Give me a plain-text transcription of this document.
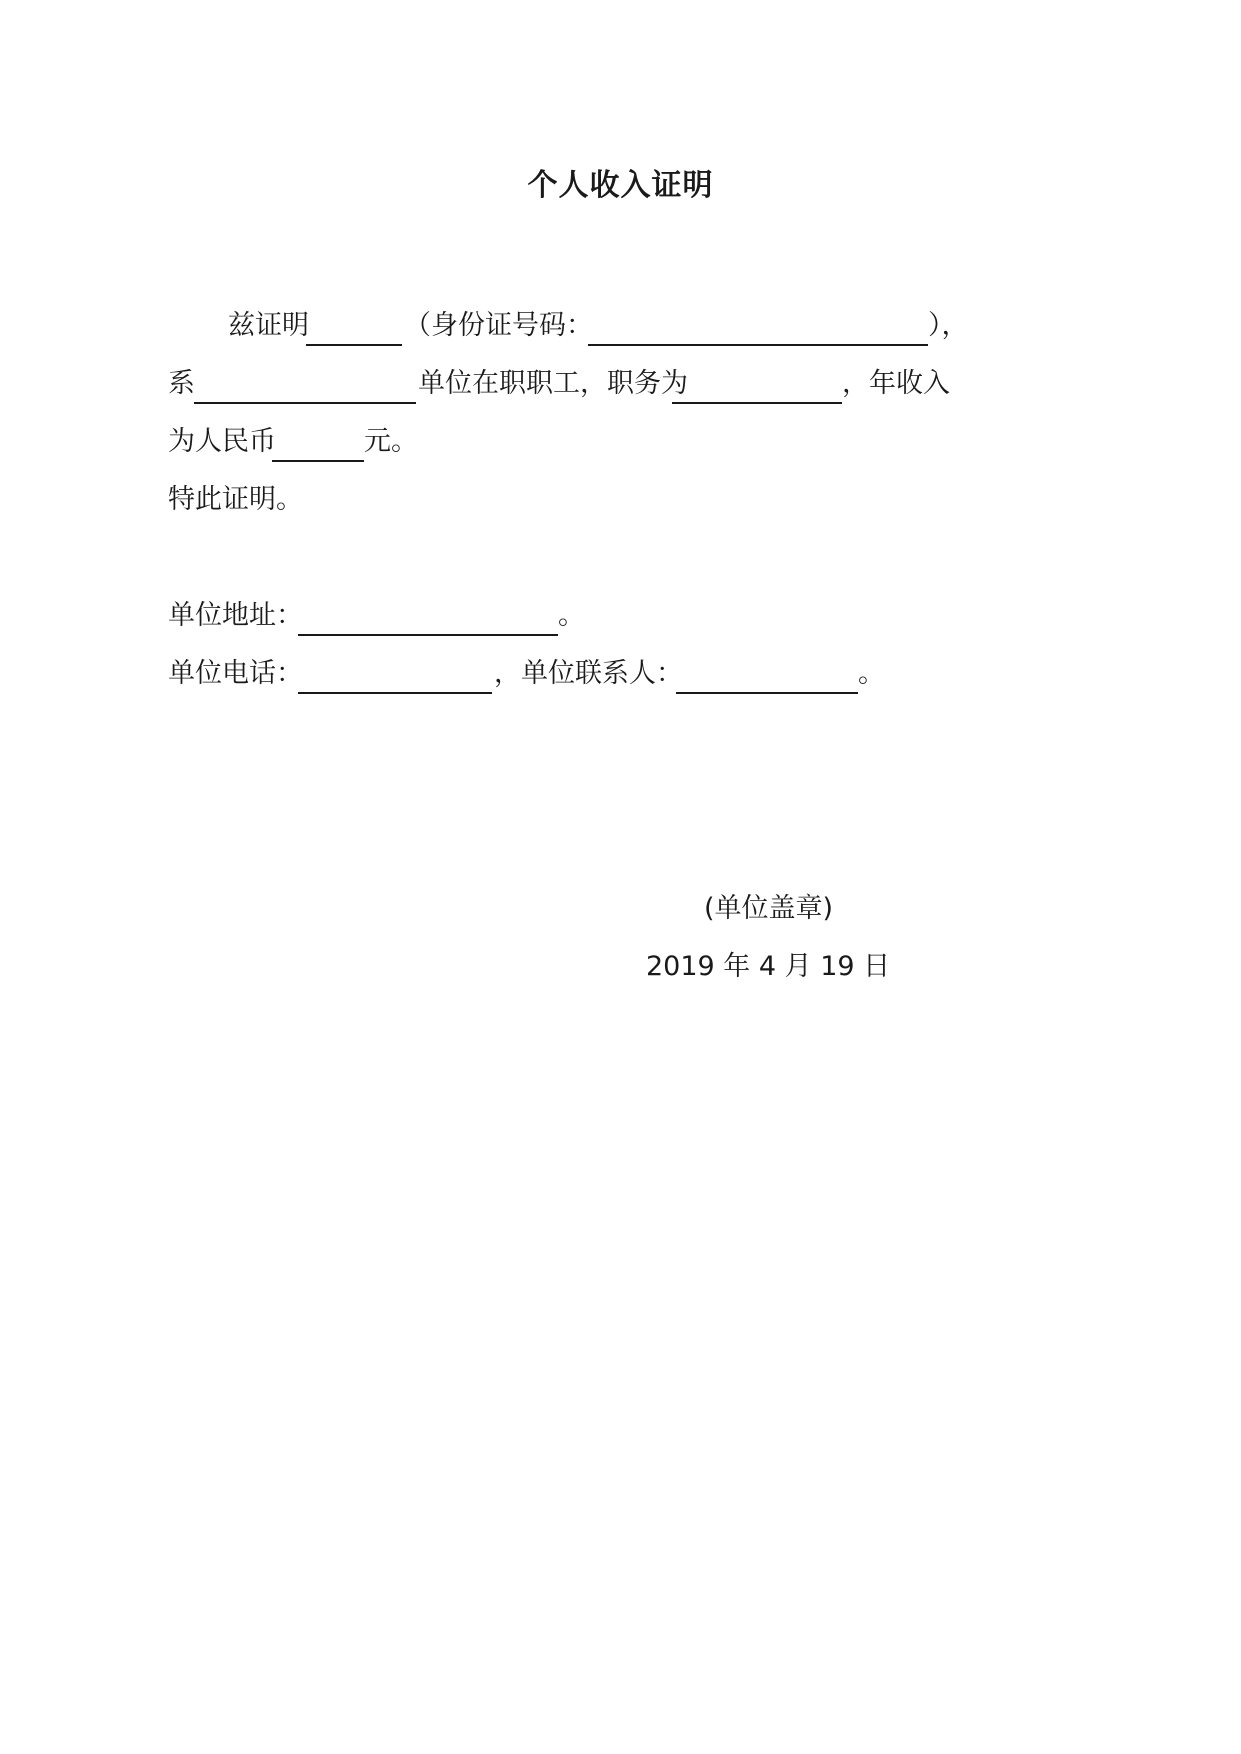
个人收入证明
兹证明	（身份证号码：	），
系	单位在职职工，职务为	，年收入
为人民币	元。
特此证明。
单位地址：	。
单位电话：	，单位联系人：	。
(单位盖章)
2019 年 4 月 19 日
